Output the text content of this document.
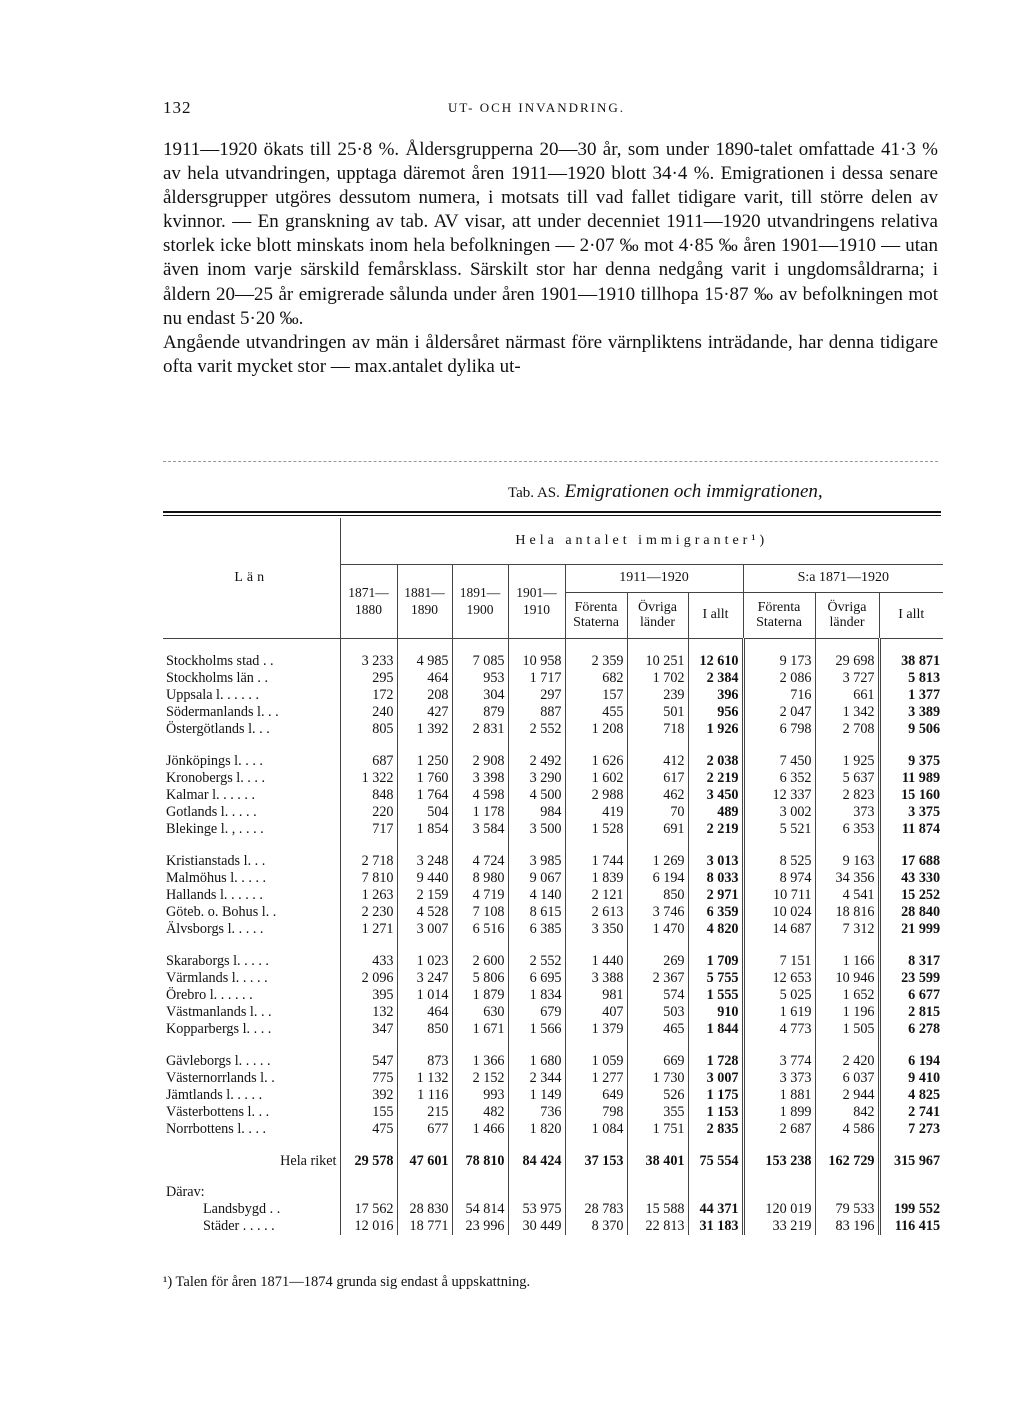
132	UT- OCH INVANDRING.

1911—1920 ökats till 25·8 %. Åldersgrupperna 20—30 år, som under 1890-talet omfattade 41·3 % av hela utvandringen, upptaga däremot åren 1911—1920 blott 34·4 %. Emigrationen i dessa senare åldersgrupper utgöres dessutom numera, i motsats till vad fallet tidigare varit, till större delen av kvinnor. — En granskning av tab. AV visar, att under decenniet 1911—1920 utvandringens relativa storlek icke blott minskats inom hela befolkningen — 2·07 ‰ mot 4·85 ‰ åren 1901—1910 — utan även inom varje särskild femårsklass. Särskilt stor har denna nedgång varit i ungdomsåldrarna; i åldern 20—25 år emigrerade sålunda under åren 1901—1910 tillhopa 15·87 ‰ av befolkningen mot nu endast 5·20 ‰.

Angående utvandringen av män i åldersåret närmast före värnpliktens inträdande, har denna tidigare ofta varit mycket stor — max.antalet dylika ut-

Tab. AS. Emigrationen och immigrationen,
Län	Hela antalet immigranter¹)									
	1871—1880	1881—1890	1891—1900	1901—1910	1911—1920			S:a 1871—1920		
					Förenta Staterna	Övriga länder	I allt	Förenta Staterna	Övriga länder	I allt

Stockholms stad . .	3 233	4 985	7 085	10 958	2 359	10 251	12 610	9 173	29 698	38 871
Stockholms län . .	295	464	953	1 717	682	1 702	2 384	2 086	3 727	5 813
Uppsala l. . . . . .	172	208	304	297	157	239	396	716	661	1 377
Södermanlands l. . .	240	427	879	887	455	501	956	2 047	1 342	3 389
Östergötlands l. . .	805	1 392	2 831	2 552	1 208	718	1 926	6 798	2 708	9 506

Jönköpings l. . . .	687	1 250	2 908	2 492	1 626	412	2 038	7 450	1 925	9 375
Kronobergs l. . . .	1 322	1 760	3 398	3 290	1 602	617	2 219	6 352	5 637	11 989
Kalmar l. . . . . .	848	1 764	4 598	4 500	2 988	462	3 450	12 337	2 823	15 160
Gotlands l. . . . .	220	504	1 178	984	419	70	489	3 002	373	3 375
Blekinge l. , . . . .	717	1 854	3 584	3 500	1 528	691	2 219	5 521	6 353	11 874

Kristianstads l. . .	2 718	3 248	4 724	3 985	1 744	1 269	3 013	8 525	9 163	17 688
Malmöhus l. . . . .	7 810	9 440	8 980	9 067	1 839	6 194	8 033	8 974	34 356	43 330
Hallands l. . . . . .	1 263	2 159	4 719	4 140	2 121	850	2 971	10 711	4 541	15 252
Göteb. o. Bohus l. .	2 230	4 528	7 108	8 615	2 613	3 746	6 359	10 024	18 816	28 840
Älvsborgs l. . . . .	1 271	3 007	6 516	6 385	3 350	1 470	4 820	14 687	7 312	21 999

Skaraborgs l. . . . .	433	1 023	2 600	2 552	1 440	269	1 709	7 151	1 166	8 317
Värmlands l. . . . .	2 096	3 247	5 806	6 695	3 388	2 367	5 755	12 653	10 946	23 599
Örebro l. . . . . .	395	1 014	1 879	1 834	981	574	1 555	5 025	1 652	6 677
Västmanlands l. . .	132	464	630	679	407	503	910	1 619	1 196	2 815
Kopparbergs l. . . .	347	850	1 671	1 566	1 379	465	1 844	4 773	1 505	6 278

Gävleborgs l. . . . .	547	873	1 366	1 680	1 059	669	1 728	3 774	2 420	6 194
Västernorrlands l. .	775	1 132	2 152	2 344	1 277	1 730	3 007	3 373	6 037	9 410
Jämtlands l. . . . .	392	1 116	993	1 149	649	526	1 175	1 881	2 944	4 825
Västerbottens l. . .	155	215	482	736	798	355	1 153	1 899	842	2 741
Norrbottens l. . . .	475	677	1 466	1 820	1 084	1 751	2 835	2 687	4 586	7 273

Hela riket	29 578	47 601	78 810	84 424	37 153	38 401	75 554	153 238	162 729	315 967

Därav:										
Landsbygd . .	17 562	28 830	54 814	53 975	28 783	15 588	44 371	120 019	79 533	199 552
Städer . . . . .	12 016	18 771	23 996	30 449	8 370	22 813	31 183	33 219	83 196	116 415
¹) Talen för åren 1871—1874 grunda sig endast å uppskattning.
